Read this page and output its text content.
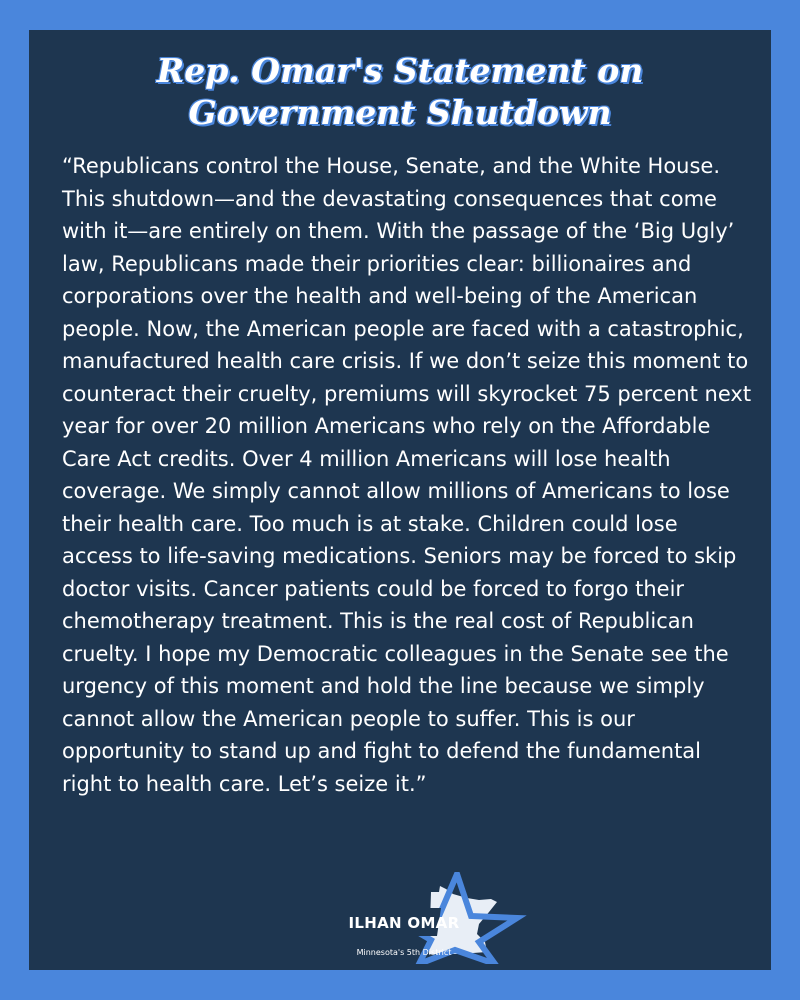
Rep. Omar's Statement on
Government Shutdown

“Republicans control the House, Senate, and the White House. This shutdown—and the devastating consequences that come with it—are entirely on them. With the passage of the ‘Big Ugly’ law, Republicans made their priorities clear: billionaires and corporations over the health and well-being of the American people. Now, the American people are faced with a catastrophic, manufactured health care crisis. If we don’t seize this moment to counteract their cruelty, premiums will skyrocket 75 percent next year for over 20 million Americans who rely on the Affordable Care Act credits. Over 4 million Americans will lose health coverage. We simply cannot allow millions of Americans to lose their health care. Too much is at stake. Children could lose access to life-saving medications. Seniors may be forced to skip doctor visits. Cancer patients could be forced to forgo their chemotherapy treatment. This is the real cost of Republican cruelty. I hope my Democratic colleagues in the Senate see the urgency of this moment and hold the line because we simply cannot allow the American people to suffer. This is our opportunity to stand up and fight to defend the fundamental right to health care. Let’s seize it.”

ILHAN OMAR
Minnesota's 5th District
